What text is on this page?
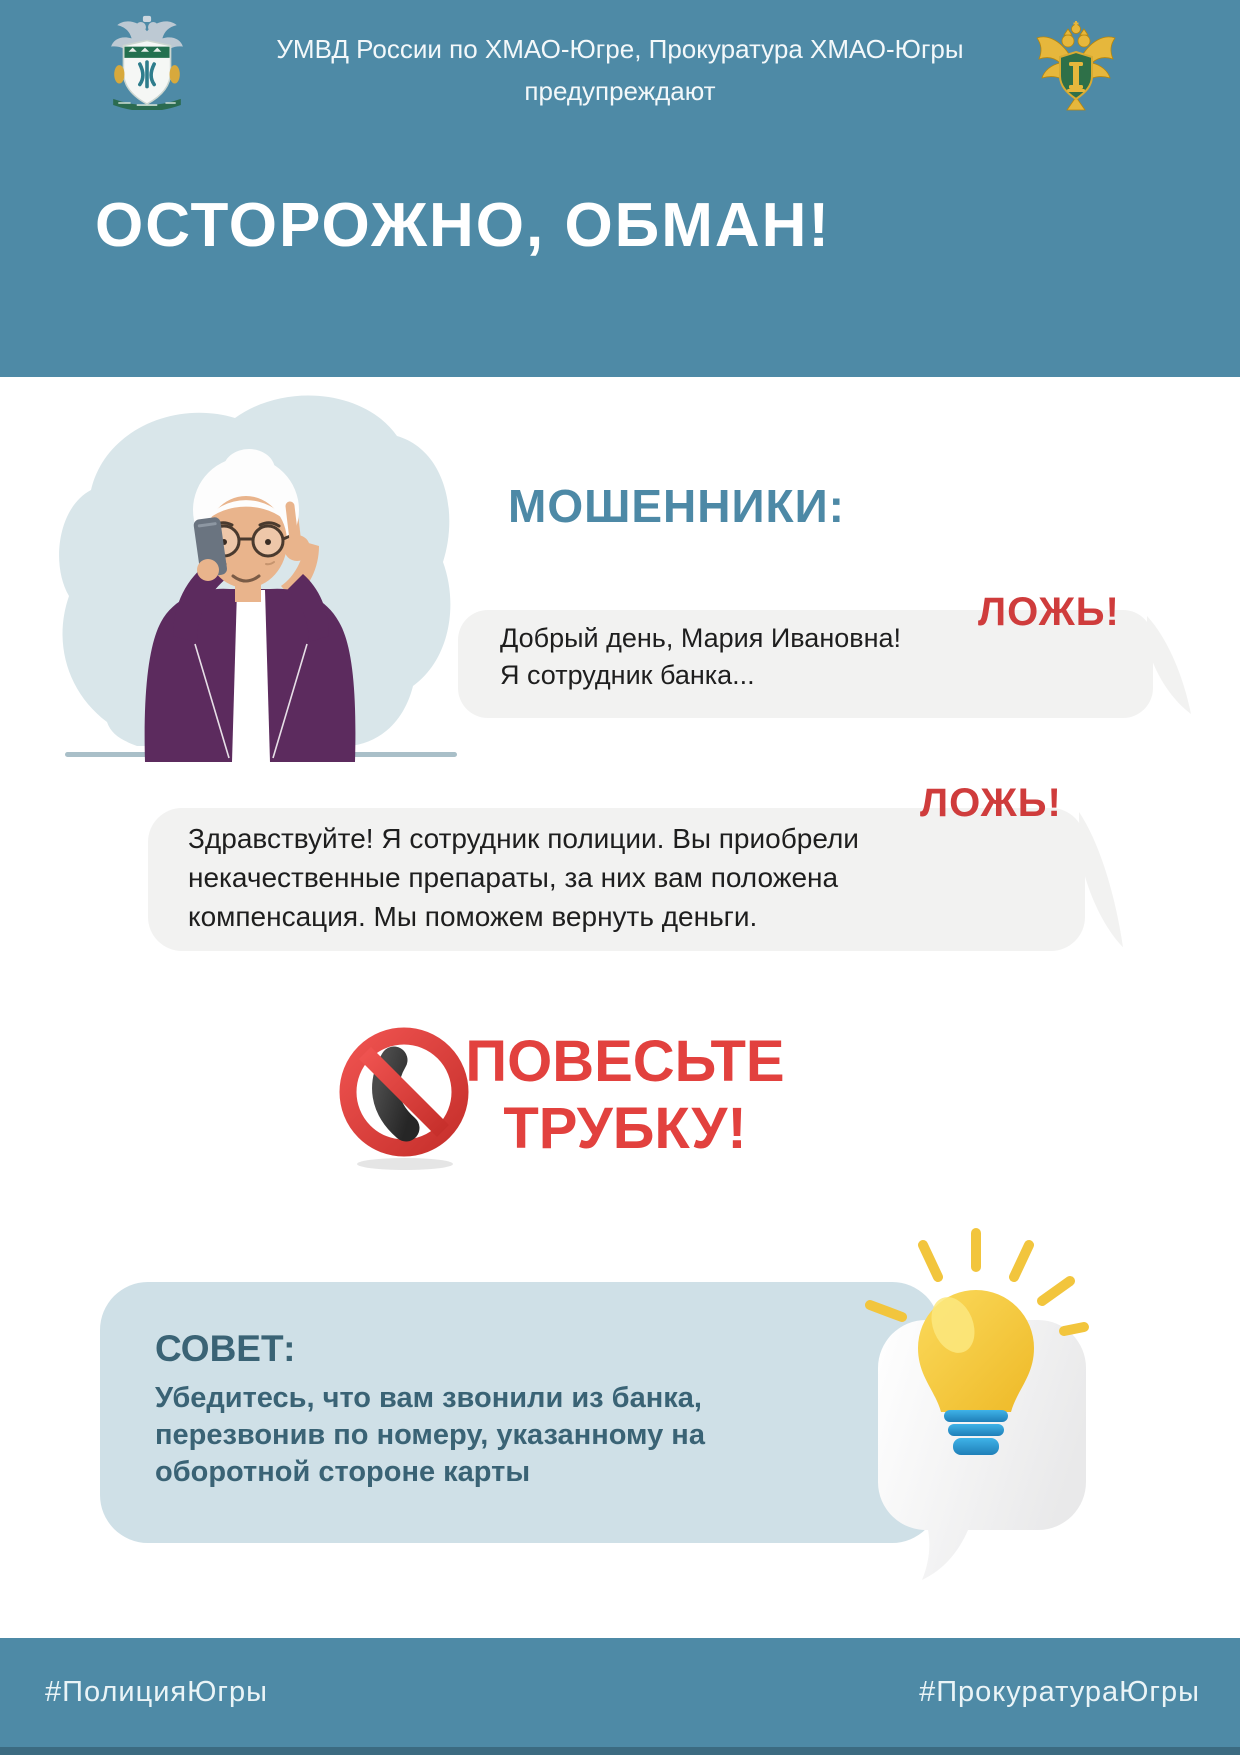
УМВД России по ХМАО-Югре, Прокуратура ХМАО-Югры
предупреждают
ОСТОРОЖНО, ОБМАН!
МОШЕННИКИ:
ЛОЖЬ!
Добрый день, Мария Ивановна!
Я сотрудник банка...
ЛОЖЬ!
Здравствуйте! Я сотрудник полиции. Вы приобрели
некачественные препараты, за них вам положена
компенсация. Мы поможем вернуть деньги.
ПОВЕСЬТЕ
ТРУБКУ!
СОВЕТ:
Убедитесь, что вам звонили из банка,
перезвонив по номеру, указанному на
оборотной стороне карты
#ПолицияЮгры	#ПрокуратураЮгры
